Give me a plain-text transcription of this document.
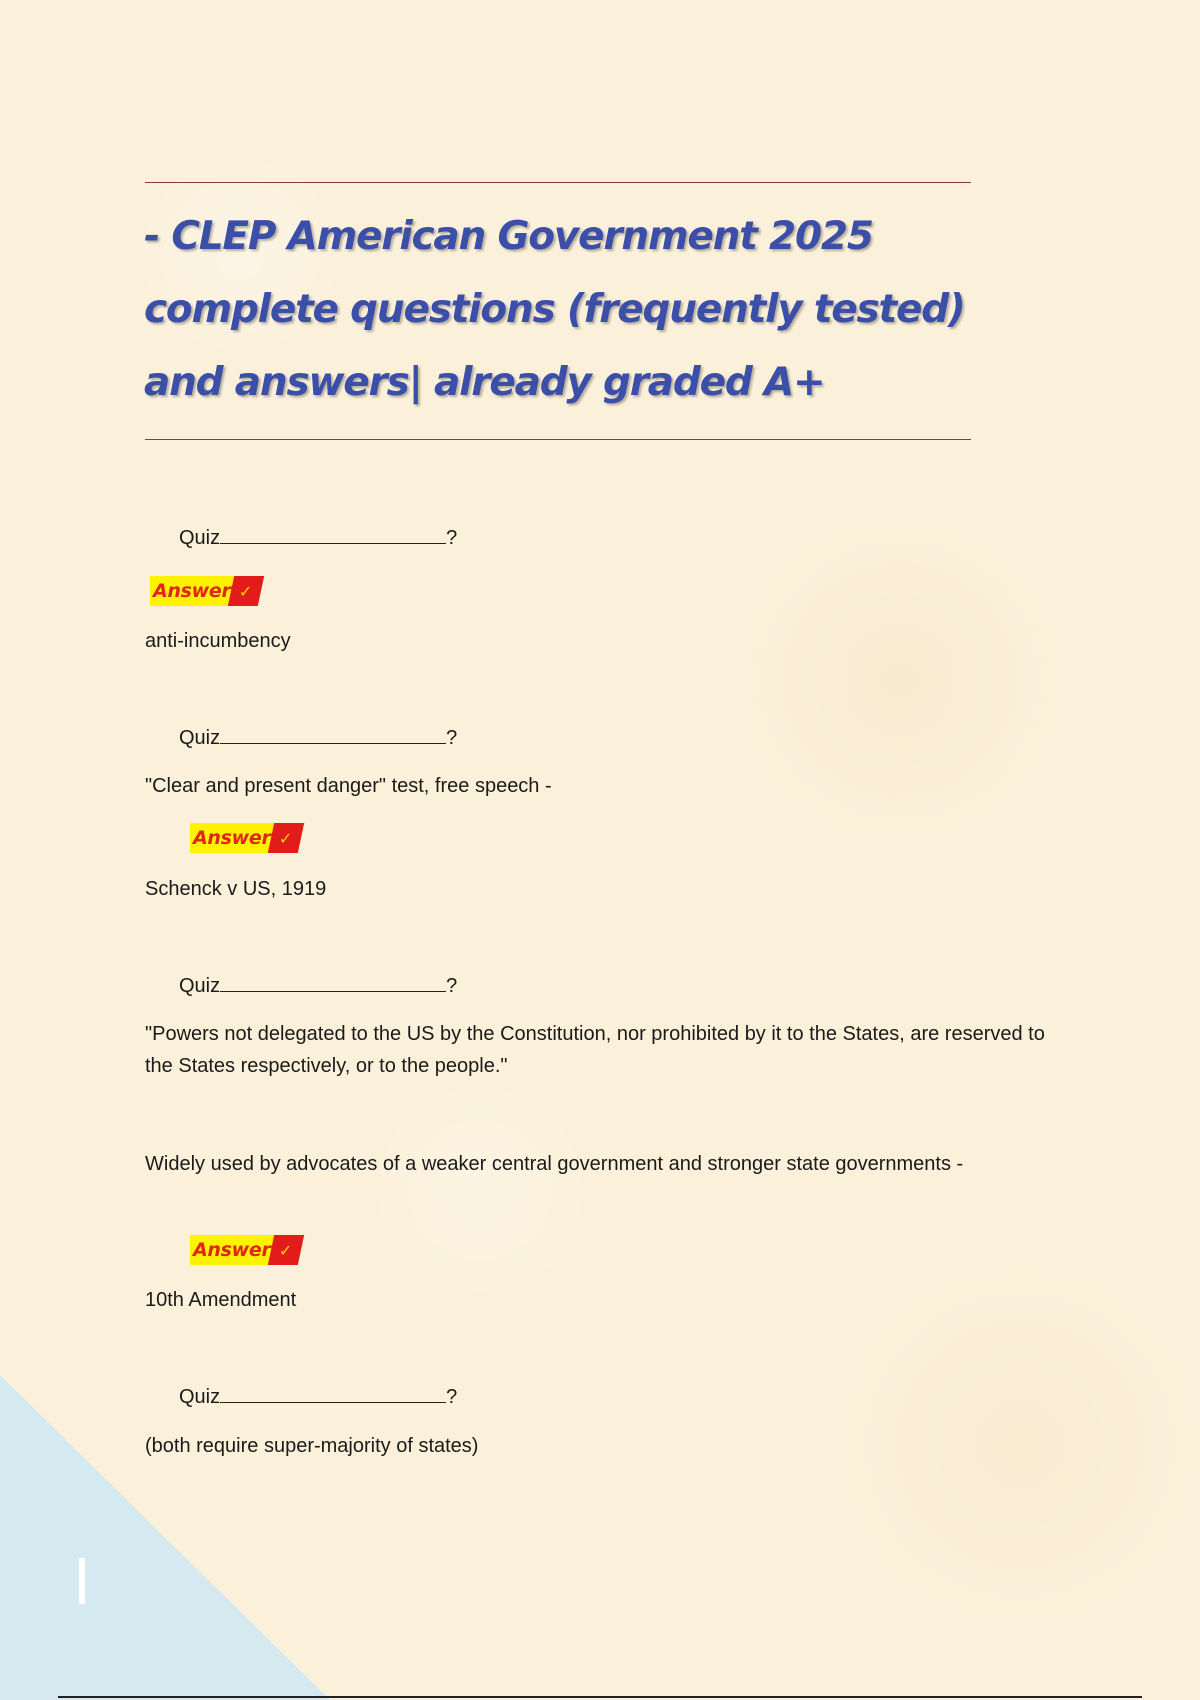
- CLEP American Government 2025 complete questions (frequently tested) and answers| already graded A+
Quiz	?
Answer ✓

anti-incumbency

Quiz	?

"Clear and present danger" test, free speech -

Answer ✓

Schenck v US, 1919

Quiz	?

"Powers not delegated to the US by the Constitution, nor prohibited by it to the States, are reserved to the States respectively, or to the people."

Widely used by advocates of a weaker central government and stronger state governments -

Answer ✓

10th Amendment

Quiz	?

(both require super-majority of states)
